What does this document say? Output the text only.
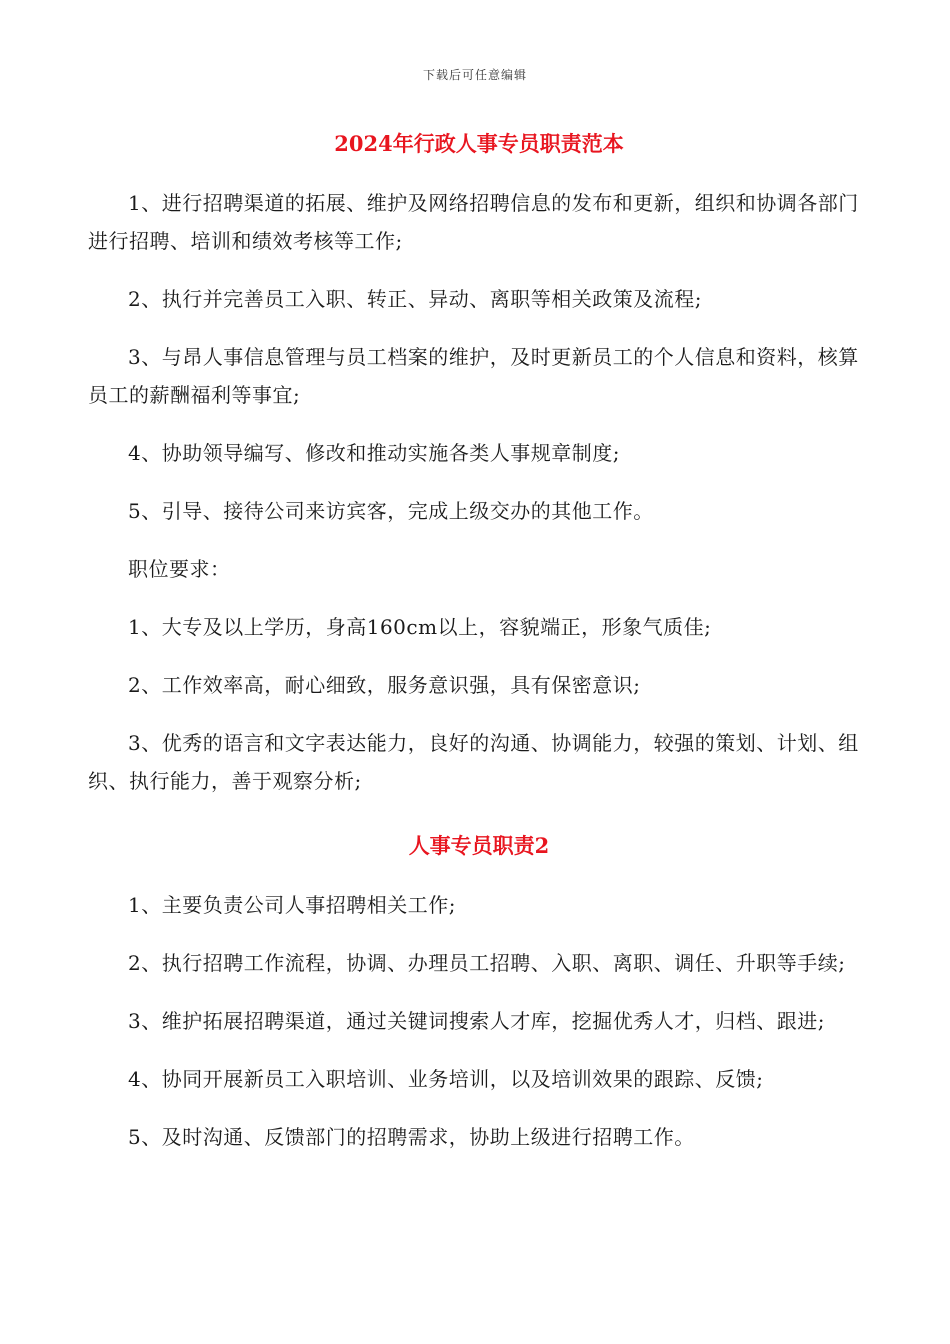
下载后可任意编辑
2024年行政人事专员职责范本

1、进行招聘渠道的拓展、维护及网络招聘信息的发布和更新，组织和协调各部门进行招聘、培训和绩效考核等工作;

2、执行并完善员工入职、转正、异动、离职等相关政策及流程;

3、与昂人事信息管理与员工档案的维护，及时更新员工的个人信息和资料，核算员工的薪酬福利等事宜;

4、协助领导编写、修改和推动实施各类人事规章制度;

5、引导、接待公司来访宾客，完成上级交办的其他工作。

职位要求：

1、大专及以上学历，身高160cm以上，容貌端正，形象气质佳;

2、工作效率高，耐心细致，服务意识强，具有保密意识;

3、优秀的语言和文字表达能力，良好的沟通、协调能力，较强的策划、计划、组织、执行能力，善于观察分析;

人事专员职责2

1、主要负责公司人事招聘相关工作;

2、执行招聘工作流程，协调、办理员工招聘、入职、离职、调任、升职等手续;

3、维护拓展招聘渠道，通过关键词搜索人才库，挖掘优秀人才，归档、跟进;

4、协同开展新员工入职培训、业务培训，以及培训效果的跟踪、反馈;

5、及时沟通、反馈部门的招聘需求，协助上级进行招聘工作。
